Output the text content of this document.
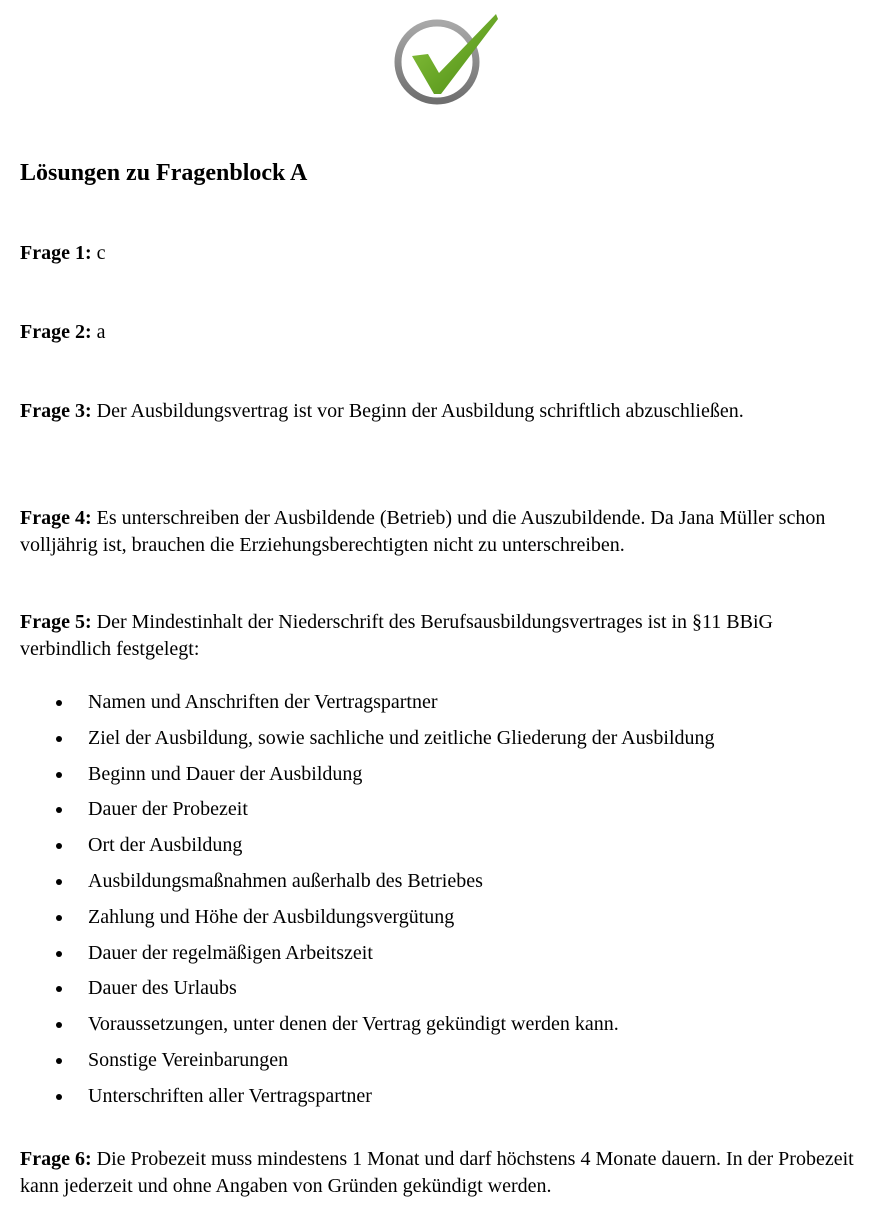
Lösungen zu Fragenblock A

Frage 1: c

Frage 2: a

Frage 3: Der Ausbildungsvertrag ist vor Beginn der Ausbildung schriftlich abzuschließen.

Frage 4: Es unterschreiben der Ausbildende (Betrieb) und die Auszubildende. Da Jana Müller schon volljährig ist, brauchen die Erziehungsberechtigten nicht zu unterschreiben.

Frage 5: Der Mindestinhalt der Niederschrift des Berufsausbildungsvertrages ist in §11 BBiG verbindlich festgelegt:

Namen und Anschriften der Vertragspartner
Ziel der Ausbildung, sowie sachliche und zeitliche Gliederung der Ausbildung
Beginn und Dauer der Ausbildung
Dauer der Probezeit
Ort der Ausbildung
Ausbildungsmaßnahmen außerhalb des Betriebes
Zahlung und Höhe der Ausbildungsvergütung
Dauer der regelmäßigen Arbeitszeit
Dauer des Urlaubs
Voraussetzungen, unter denen der Vertrag gekündigt werden kann.
Sonstige Vereinbarungen
Unterschriften aller Vertragspartner

Frage 6: Die Probezeit muss mindestens 1 Monat und darf höchstens 4 Monate dauern. In der Probezeit kann jederzeit und ohne Angaben von Gründen gekündigt werden.
